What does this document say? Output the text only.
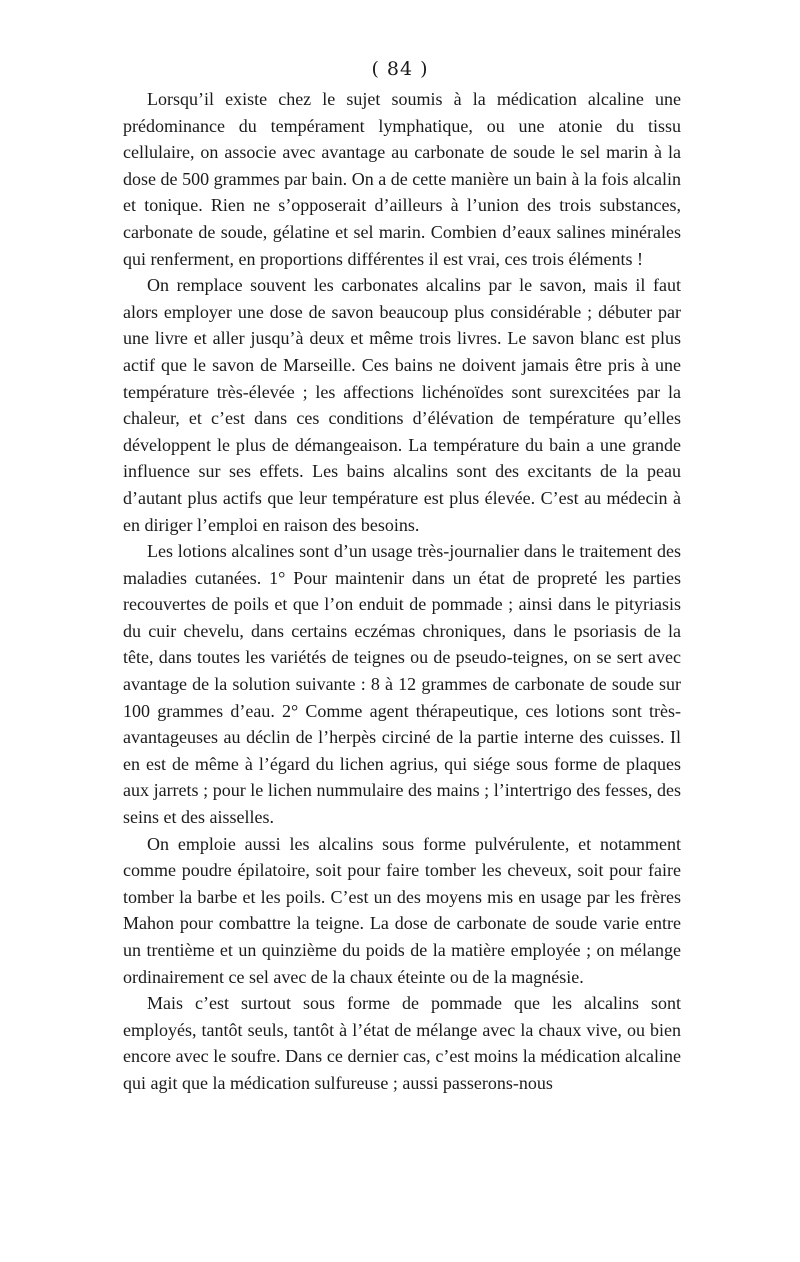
( 84 )

Lorsqu’il existe chez le sujet soumis à la médication alcaline une prédominance du tempérament lymphatique, ou une atonie du tissu cellulaire, on associe avec avantage au carbonate de soude le sel marin à la dose de 500 grammes par bain. On a de cette manière un bain à la fois alcalin et tonique. Rien ne s’opposerait d’ailleurs à l’union des trois substances, carbonate de soude, gélatine et sel marin. Combien d’eaux salines minérales qui renferment, en proportions différentes il est vrai, ces trois éléments !

On remplace souvent les carbonates alcalins par le savon, mais il faut alors employer une dose de savon beaucoup plus considérable ; débuter par une livre et aller jusqu’à deux et même trois livres. Le savon blanc est plus actif que le savon de Marseille. Ces bains ne doivent jamais être pris à une température très-élevée ; les affections lichénoïdes sont surexcitées par la chaleur, et c’est dans ces conditions d’élévation de température qu’elles développent le plus de démangeaison. La température du bain a une grande influence sur ses effets. Les bains alcalins sont des excitants de la peau d’autant plus actifs que leur température est plus élevée. C’est au médecin à en diriger l’emploi en raison des besoins.

Les lotions alcalines sont d’un usage très-journalier dans le traitement des maladies cutanées. 1° Pour maintenir dans un état de propreté les parties recouvertes de poils et que l’on enduit de pommade ; ainsi dans le pityriasis du cuir chevelu, dans certains eczémas chroniques, dans le psoriasis de la tête, dans toutes les variétés de teignes ou de pseudo-teignes, on se sert avec avantage de la solution suivante : 8 à 12 grammes de carbonate de soude sur 100 grammes d’eau. 2° Comme agent thérapeutique, ces lotions sont très-avantageuses au déclin de l’herpès circiné de la partie interne des cuisses. Il en est de même à l’égard du lichen agrius, qui siége sous forme de plaques aux jarrets ; pour le lichen nummulaire des mains ; l’intertrigo des fesses, des seins et des aisselles.

On emploie aussi les alcalins sous forme pulvérulente, et notamment comme poudre épilatoire, soit pour faire tomber les cheveux, soit pour faire tomber la barbe et les poils. C’est un des moyens mis en usage par les frères Mahon pour combattre la teigne. La dose de carbonate de soude varie entre un trentième et un quinzième du poids de la matière employée ; on mélange ordinairement ce sel avec de la chaux éteinte ou de la magnésie.

Mais c’est surtout sous forme de pommade que les alcalins sont employés, tantôt seuls, tantôt à l’état de mélange avec la chaux vive, ou bien encore avec le soufre. Dans ce dernier cas, c’est moins la médication alcaline qui agit que la médication sulfureuse ; aussi passerons-nous
